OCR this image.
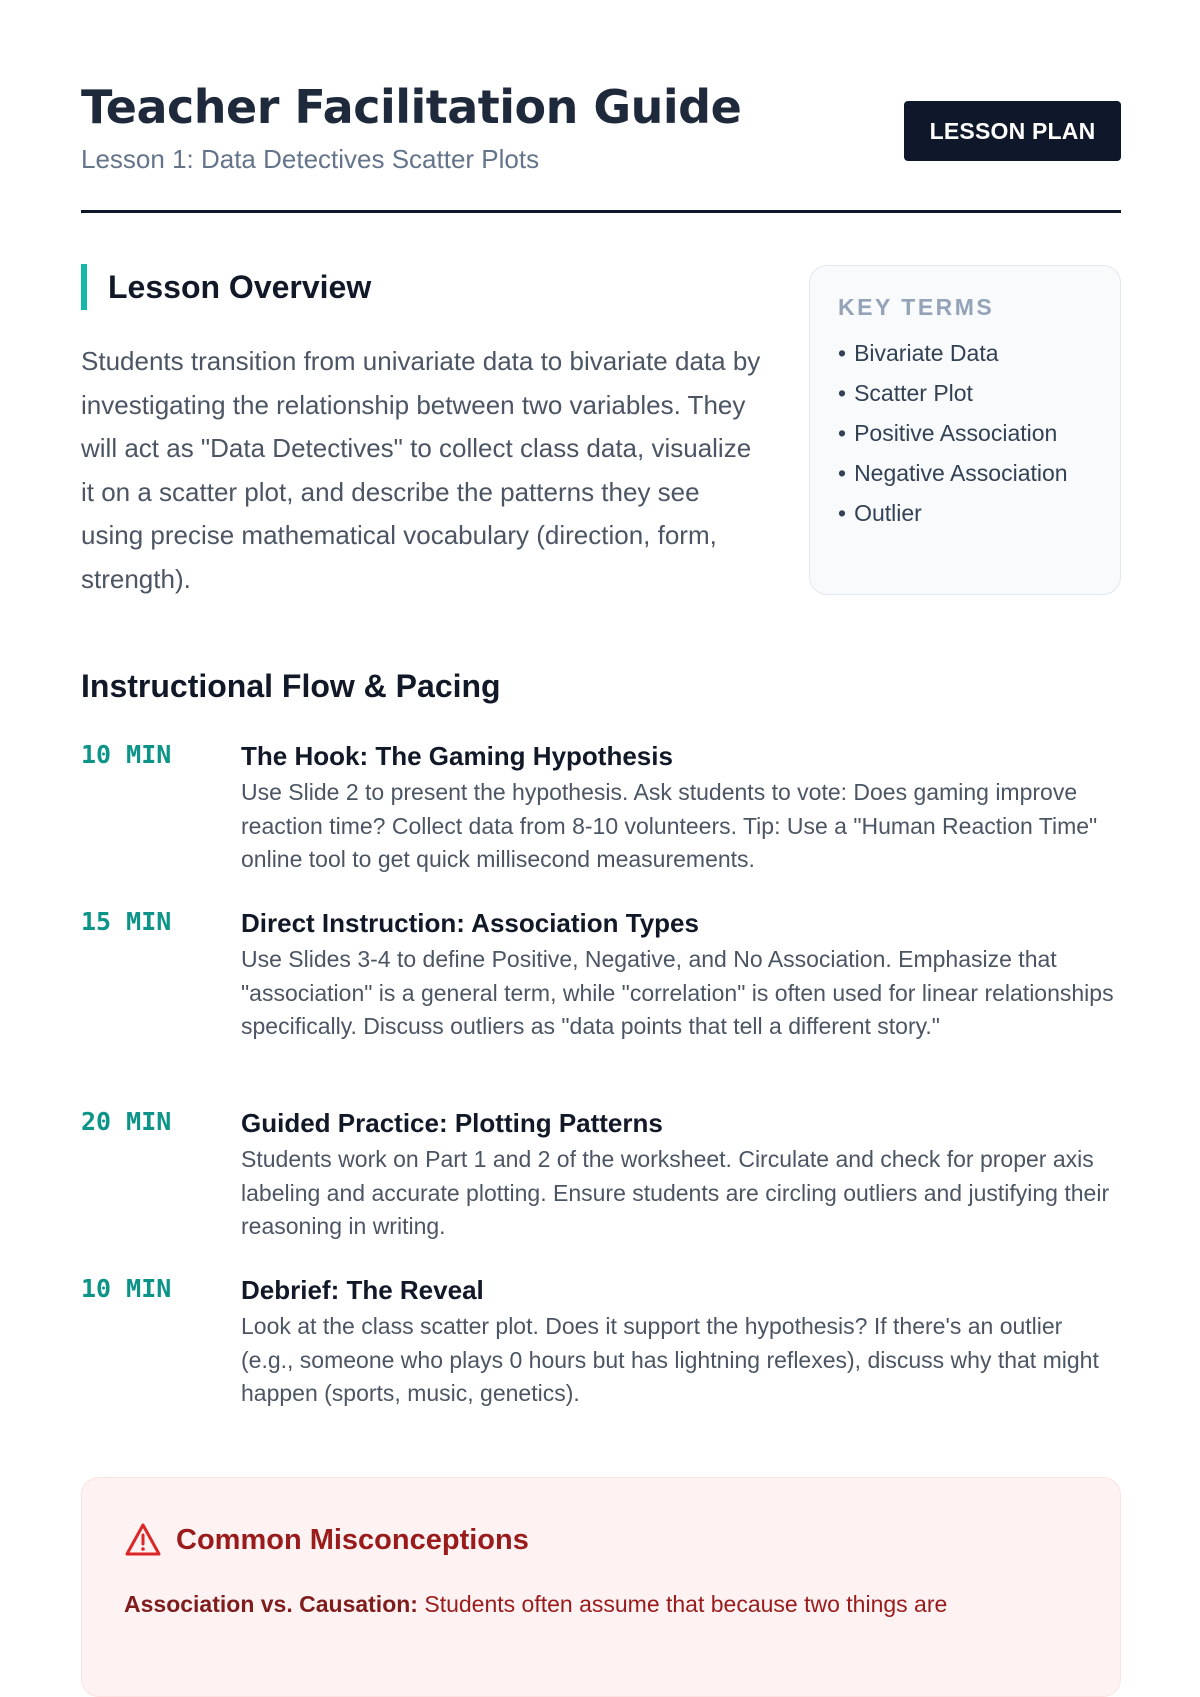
Teacher Facilitation Guide
Lesson 1: Data Detectives Scatter Plots
LESSON PLAN
Lesson Overview

Students transition from univariate data to bivariate data by investigating the relationship between two variables. They will act as "Data Detectives" to collect class data, visualize it on a scatter plot, and describe the patterns they see using precise mathematical vocabulary (direction, form, strength).

KEY TERMS
• Bivariate Data
• Scatter Plot
• Positive Association
• Negative Association
• Outlier
Instructional Flow & Pacing
10 MIN	The Hook: The Gaming Hypothesis

Use Slide 2 to present the hypothesis. Ask students to vote: Does gaming improve reaction time? Collect data from 8-10 volunteers. Tip: Use a "Human Reaction Time" online tool to get quick millisecond measurements.

15 MIN	Direct Instruction: Association Types

Use Slides 3-4 to define Positive, Negative, and No Association. Emphasize that "association" is a general term, while "correlation" is often used for linear relationships specifically. Discuss outliers as "data points that tell a different story."

20 MIN	Guided Practice: Plotting Patterns

Students work on Part 1 and 2 of the worksheet. Circulate and check for proper axis labeling and accurate plotting. Ensure students are circling outliers and justifying their reasoning in writing.

10 MIN	Debrief: The Reveal

Look at the class scatter plot. Does it support the hypothesis? If there's an outlier (e.g., someone who plays 0 hours but has lightning reflexes), discuss why that might happen (sports, music, genetics).

Common Misconceptions

Association vs. Causation: Students often assume that because two things are
